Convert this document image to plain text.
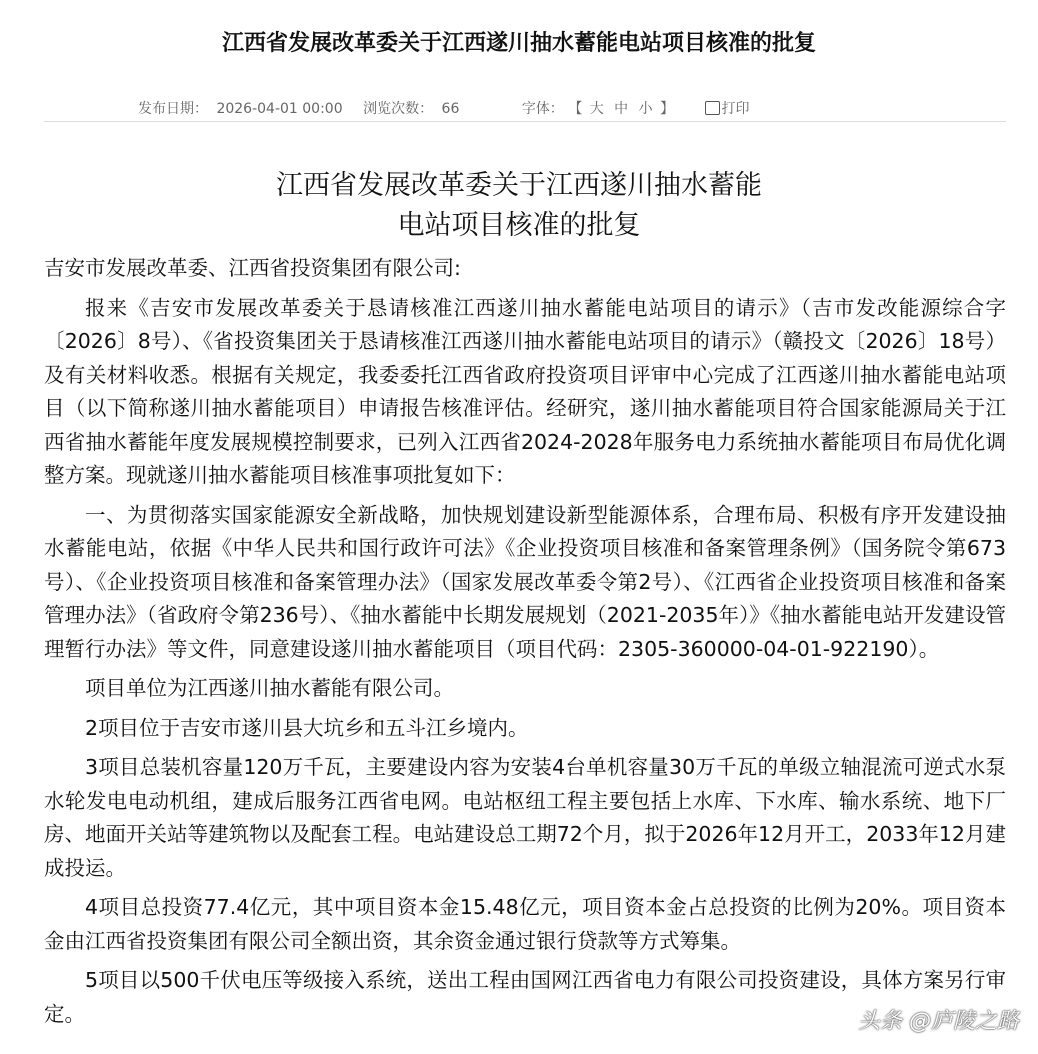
江西省发展改革委关于江西遂川抽水蓄能电站项目核准的批复
发布日期： 2026-04-01 00:00 浏览次数： 66	字体： 【 大 中 小 】	打印
江西省发展改革委关于江西遂川抽水蓄能
电站项目核准的批复

吉安市发展改革委、江西省投资集团有限公司:

报来《吉安市发展改革委关于恳请核准江西遂川抽水蓄能电站项目的请示》（吉市发改能源综合字〔2026〕8号）、《省投资集团关于恳请核准江西遂川抽水蓄能电站项目的请示》（赣投文〔2026〕18号）及有关材料收悉。根据有关规定，我委委托江西省政府投资项目评审中心完成了江西遂川抽水蓄能电站项目（以下简称遂川抽水蓄能项目）申请报告核准评估。经研究，遂川抽水蓄能项目符合国家能源局关于江西省抽水蓄能年度发展规模控制要求，已列入江西省2024-2028年服务电力系统抽水蓄能项目布局优化调整方案。现就遂川抽水蓄能项目核准事项批复如下：

一、为贯彻落实国家能源安全新战略，加快规划建设新型能源体系，合理布局、积极有序开发建设抽水蓄能电站，依据《中华人民共和国行政许可法》《企业投资项目核准和备案管理条例》（国务院令第673号）、《企业投资项目核准和备案管理办法》（国家发展改革委令第2号）、《江西省企业投资项目核准和备案管理办法》（省政府令第236号）、《抽水蓄能中长期发展规划（2021-2035年）》《抽水蓄能电站开发建设管理暂行办法》等文件，同意建设遂川抽水蓄能项目（项目代码：2305-360000-04-01-922190）。

项目单位为江西遂川抽水蓄能有限公司。

2项目位于吉安市遂川县大坑乡和五斗江乡境内。

3项目总装机容量120万千瓦，主要建设内容为安装4台单机容量30万千瓦的单级立轴混流可逆式水泵水轮发电电动机组，建成后服务江西省电网。电站枢纽工程主要包括上水库、下水库、输水系统、地下厂房、地面开关站等建筑物以及配套工程。电站建设总工期72个月，拟于2026年12月开工，2033年12月建成投运。

4项目总投资77.4亿元，其中项目资本金15.48亿元，项目资本金占总投资的比例为20%。项目资本金由江西省投资集团有限公司全额出资，其余资金通过银行贷款等方式筹集。

5项目以500千伏电压等级接入系统，送出工程由国网江西省电力有限公司投资建设，具体方案另行审定。	头条 @庐陵之路
